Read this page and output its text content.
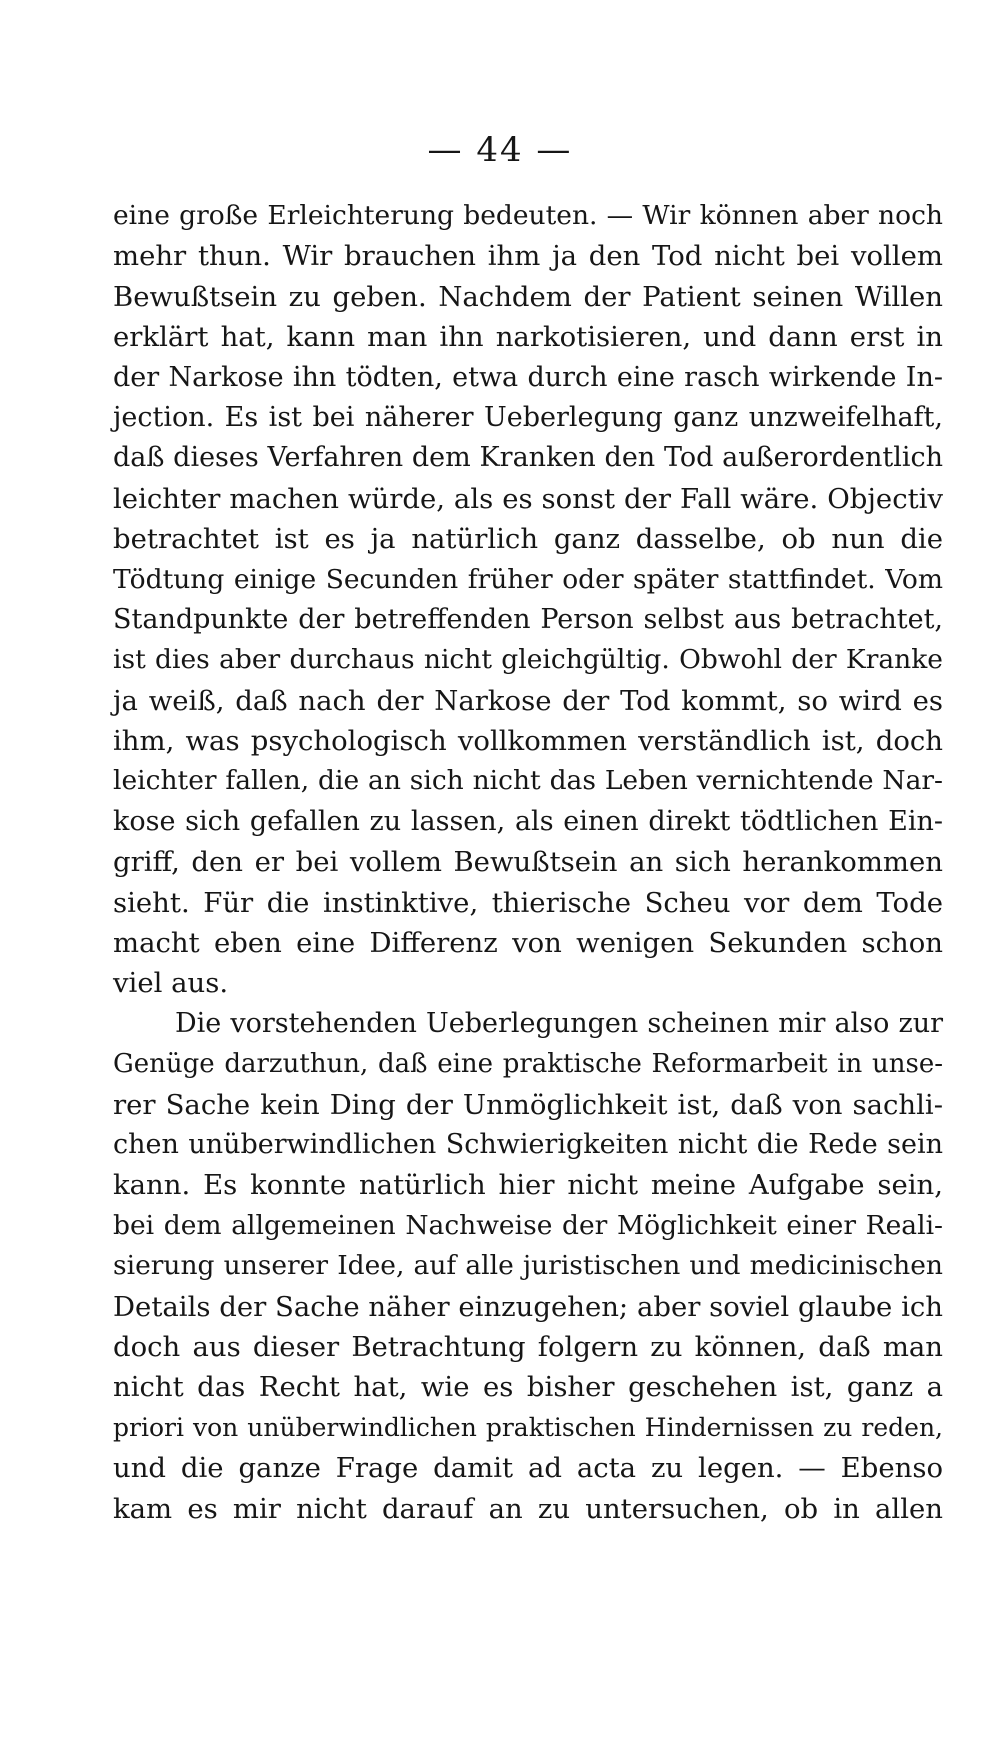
— 44 —
eine große Erleichterung bedeuten. — Wir können aber noch
mehr thun. Wir brauchen ihm ja den Tod nicht bei vollem
Bewußtsein zu geben. Nachdem der Patient seinen Willen
erklärt hat, kann man ihn narkotisieren, und dann erst in
der Narkose ihn tödten, etwa durch eine rasch wirkende In-
jection. Es ist bei näherer Ueberlegung ganz unzweifelhaft,
daß dieses Verfahren dem Kranken den Tod außerordentlich
leichter machen würde, als es sonst der Fall wäre. Objectiv
betrachtet ist es ja natürlich ganz dasselbe, ob nun die
Tödtung einige Secunden früher oder später stattfindet. Vom
Standpunkte der betreffenden Person selbst aus betrachtet,
ist dies aber durchaus nicht gleichgültig. Obwohl der Kranke
ja weiß, daß nach der Narkose der Tod kommt, so wird es
ihm, was psychologisch vollkommen verständlich ist, doch
leichter fallen, die an sich nicht das Leben vernichtende Nar-
kose sich gefallen zu lassen, als einen direkt tödtlichen Ein-
griff, den er bei vollem Bewußtsein an sich herankommen
sieht. Für die instinktive, thierische Scheu vor dem Tode
macht eben eine Differenz von wenigen Sekunden schon
viel aus.
Die vorstehenden Ueberlegungen scheinen mir also zur
Genüge darzuthun, daß eine praktische Reformarbeit in unse-
rer Sache kein Ding der Unmöglichkeit ist, daß von sachli-
chen unüberwindlichen Schwierigkeiten nicht die Rede sein
kann. Es konnte natürlich hier nicht meine Aufgabe sein,
bei dem allgemeinen Nachweise der Möglichkeit einer Reali-
sierung unserer Idee, auf alle juristischen und medicinischen
Details der Sache näher einzugehen; aber soviel glaube ich
doch aus dieser Betrachtung folgern zu können, daß man
nicht das Recht hat, wie es bisher geschehen ist, ganz a
priori von unüberwindlichen praktischen Hindernissen zu reden,
und die ganze Frage damit ad acta zu legen. — Ebenso
kam es mir nicht darauf an zu untersuchen, ob in allen
